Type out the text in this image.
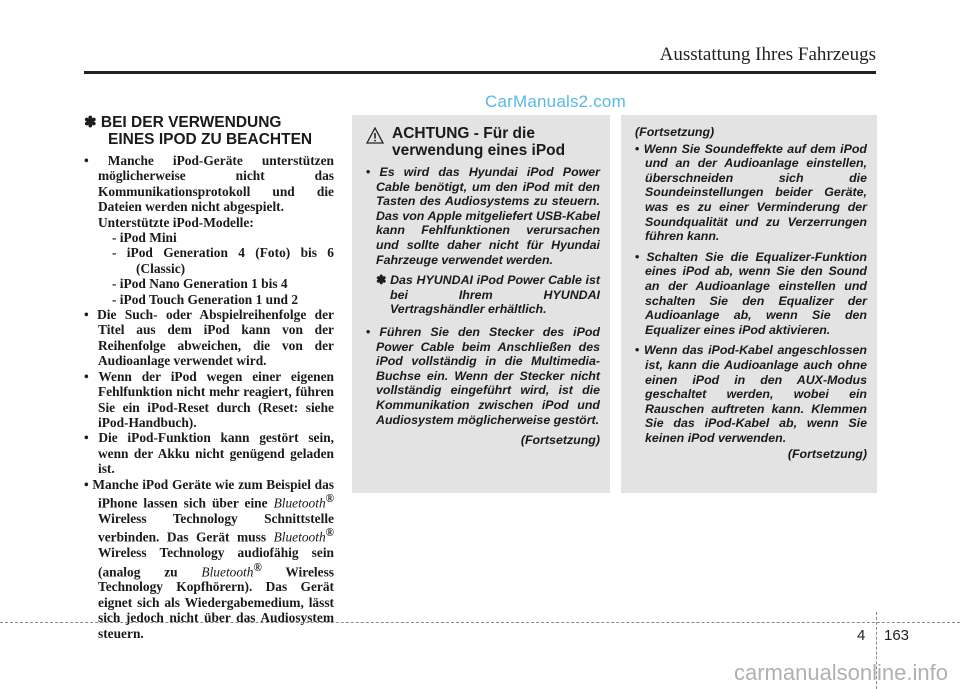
Ausstattung Ihres Fahrzeugs
CarManuals2.com
✽ BEI DER VERWENDUNG
EINES IPOD ZU BEACHTEN
• Manche iPod-Geräte unterstützen möglicherweise nicht das Kommunikationsprotokoll und die Dateien werden nicht abgespielt.
Unterstützte iPod-Modelle:
- iPod Mini
- iPod Generation 4 (Foto) bis 6 (Classic)
- iPod Nano Generation 1 bis 4
- iPod Touch Generation 1 und 2
• Die Such- oder Abspielreihenfolge der Titel aus dem iPod kann von der Reihenfolge abweichen, die von der Audioanlage verwendet wird.
• Wenn der iPod wegen einer eigenen Fehlfunktion nicht mehr reagiert, führen Sie ein iPod-Reset durch (Reset: siehe iPod-Handbuch).
• Die iPod-Funktion kann gestört sein, wenn der Akku nicht genügend geladen ist.
• Manche iPod Geräte wie zum Beispiel das iPhone lassen sich über eine Bluetooth® Wireless Technology Schnittstelle verbinden. Das Gerät muss Bluetooth® Wireless Technology audiofähig sein (analog zu Bluetooth® Wireless Technology Kopfhörern). Das Gerät eignet sich als Wiedergabemedium, lässt sich jedoch nicht über das Audiosystem steuern.
ACHTUNG - Für die
verwendung eines iPod
• Es wird das Hyundai iPod Power Cable benötigt, um den iPod mit den Tasten des Audiosystems zu steuern. Das von Apple mitgeliefert USB-Kabel kann Fehlfunktionen verursachen und sollte daher nicht für Hyundai Fahrzeuge verwendet werden.
✽ Das HYUNDAI iPod Power Cable ist bei Ihrem HYUNDAI Vertragshändler erhältlich.
• Führen Sie den Stecker des iPod Power Cable beim Anschließen des iPod vollständig in die Multimedia-Buchse ein. Wenn der Stecker nicht vollständig eingeführt wird, ist die Kommunikation zwischen iPod und Audiosystem möglicherweise gestört.
(Fortsetzung)
(Fortsetzung)
• Wenn Sie Soundeffekte auf dem iPod und an der Audioanlage einstellen, überschneiden sich die Soundeinstellungen beider Geräte, was es zu einer Verminderung der Soundqualität und zu Verzerrungen führen kann.
• Schalten Sie die Equalizer-Funktion eines iPod ab, wenn Sie den Sound an der Audioanlage einstellen und schalten Sie den Equalizer der Audioanlage ab, wenn Sie den Equalizer eines iPod aktivieren.
• Wenn das iPod-Kabel angeschlossen ist, kann die Audioanlage auch ohne einen iPod in den AUX-Modus geschaltet werden, wobei ein Rauschen auftreten kann. Klemmen Sie das iPod-Kabel ab, wenn Sie keinen iPod verwenden.
(Fortsetzung)
4 163
carmanualsonline.info
